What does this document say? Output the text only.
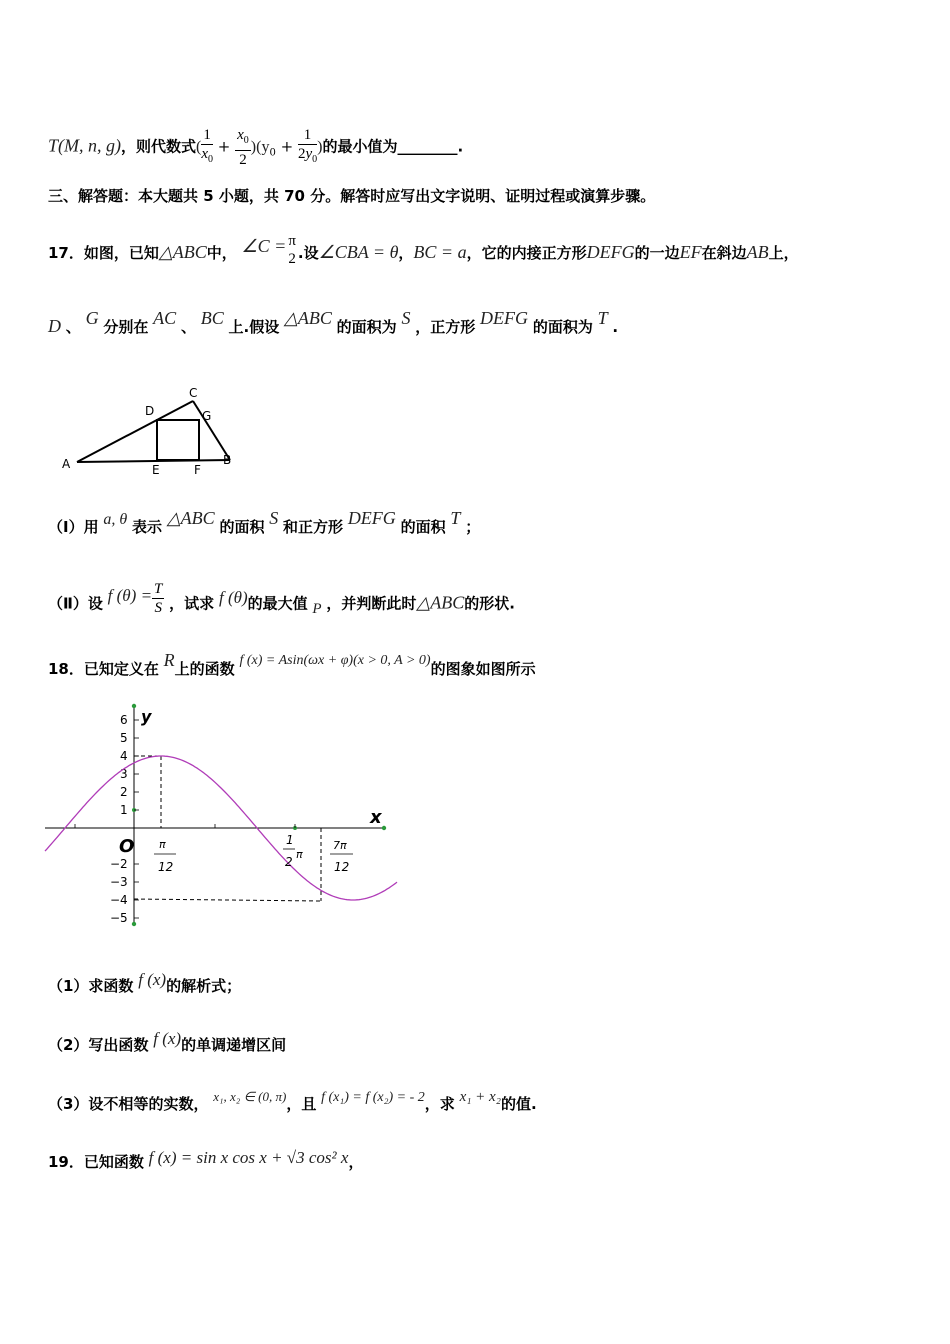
T(M, n, g)，则代数式( $\frac{1}{x_0} + \frac{x_0}{2} )(y_0 + \frac{1}{2y_0}$ )的最小值为________.
三、解答题：本大题共 5 小题，共 70 分。解答时应写出文字说明、证明过程或演算步骤。
17．如图，已知△ABC中， ∠C = π
2 .设∠CBA = θ，BC = a，它的内接正方形DEFG的一边EF在斜边AB上，
D 、 G 分别在 AC 、 BC 上.假设 △ABC 的面积为 S ，正方形 DEFG 的面积为 T .
A	B
C
D
E	F
G
（Ⅰ）用 a, θ 表示 △ABC 的面积 S 和正方形 DEFG 的面积 T ；
（Ⅱ）设 f $(\theta) = \frac{T}{S}$ ，试求 f (θ)的最大值 P ，并判断此时△ABC的形状.
18．已知定义在 R上的函数 f (x) = Asin(ωx + φ)(x > 0, A > 0)的图象如图所示
y
x
O
6
5
4
3
2
1
−2
−3
−4
−5
π
12
1
2
π
7π
12
（1）求函数 f (x)的解析式；
（2）写出函数 f (x)的单调递增区间
（3）设不相等的实数， x₁, x₂ ∈ (0, π)，且 f (x₁) = f (x₂) = - 2，求 x₁ + x₂的值.
19．已知函数 f (x) = sin x cos x + √3 cos² x，
